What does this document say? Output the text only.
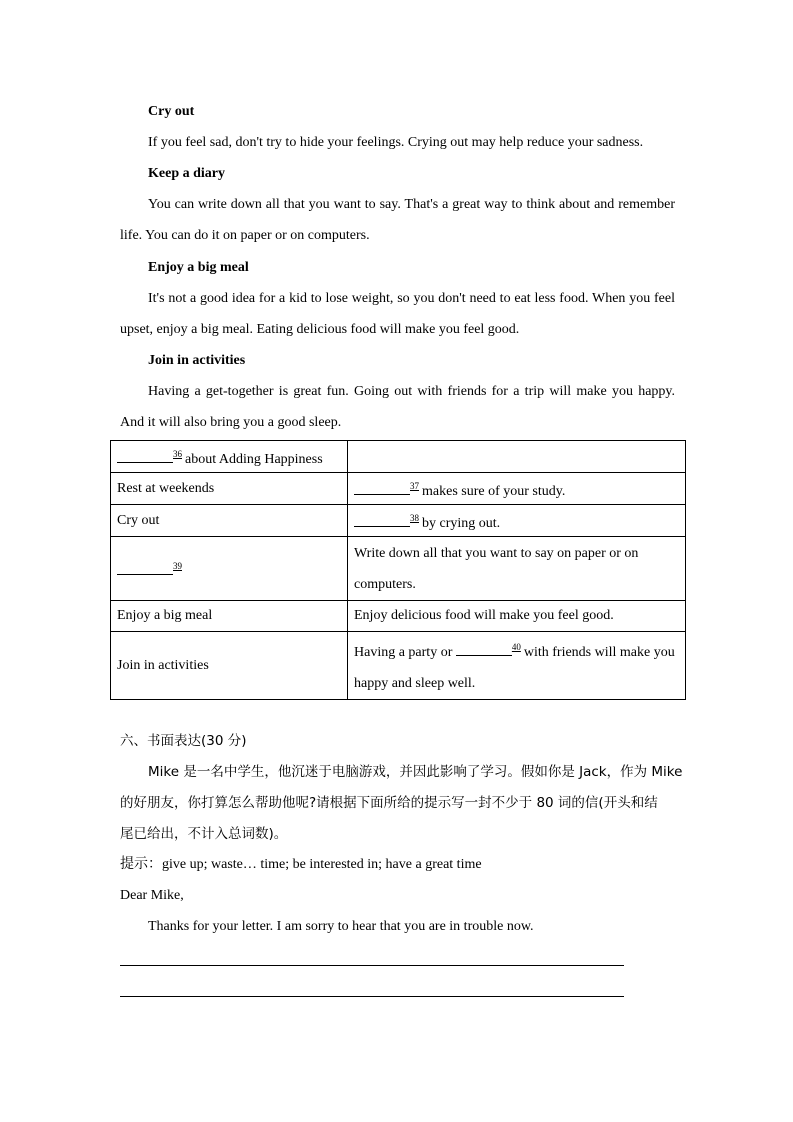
Cry out
If you feel sad, don't try to hide your feelings. Crying out may help reduce your sadness.
Keep a diary
You can write down all that you want to say. That's a great way to think about and remember
life. You can do it on paper or on computers.
Enjoy a big meal
It's not a good idea for a kid to lose weight, so you don't need to eat less food. When you feel
upset, enjoy a big meal. Eating delicious food will make you feel good.
Join in activities
Having a get-together is great fun. Going out with friends for a trip will make you happy.
And it will also bring you a good sleep.
$^{36}$ about Adding Happiness	
Rest at weekends	$^{37}$ makes sure of your study.
Cry out	$^{38}$ by crying out.
$^{39}$	Write down all that you want to say on paper or on
computers.

Enjoy a big meal	Enjoy delicious food will make you feel good.
Join in activities	Having a party or $^{40}$ with friends will make you
happy and sleep well.
六、书面表达(30 分)
Mike 是一名中学生，他沉迷于电脑游戏，并因此影响了学习。假如你是 Jack，作为 Mike
的好朋友，你打算怎么帮助他呢?请根据下面所给的提示写一封不少于 80 词的信(开头和结
尾已给出，不计入总词数)。
提示：give up; waste… time; be interested in; have a great time
Dear Mike,
Thanks for your letter. I am sorry to hear that you are in trouble now.
